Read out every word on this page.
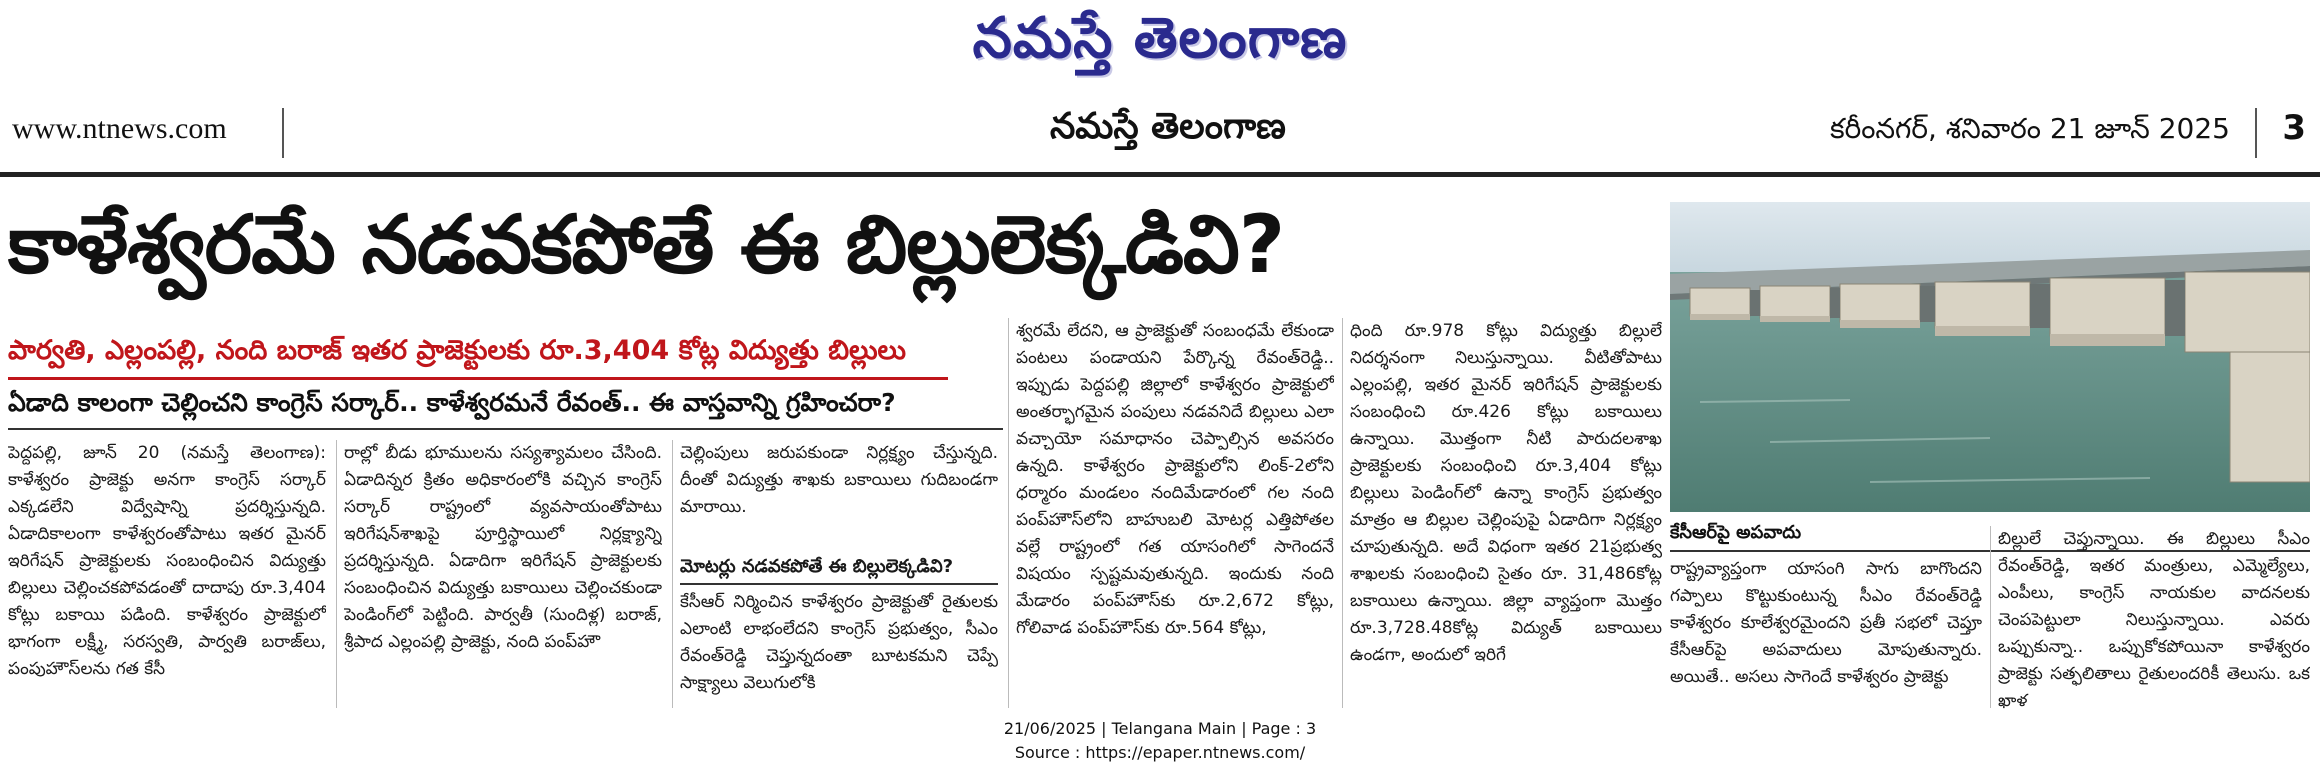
నమస్తే తెలంగాణ
www.ntnews.com	నమస్తే తెలంగాణ	కరీంనగర్, శనివారం 21 జూన్ 2025 3
కాళేశ్వరమే నడవకపోతే ఈ బిల్లులెక్కడివి?
పార్వతి, ఎల్లంపల్లి, నంది బరాజ్ ఇతర ప్రాజెక్టులకు రూ.3,404 కోట్ల విద్యుత్తు బిల్లులు
ఏడాది కాలంగా చెల్లించని కాంగ్రెస్ సర్కార్.. కాళేశ్వరమనే రేవంత్.. ఈ వాస్తవాన్ని గ్రహించరా?

పెద్దపల్లి, జూన్ 20 (నమస్తే తెలంగాణ): కాళేశ్వరం ప్రాజెక్టు అనగా కాంగ్రెస్ సర్కార్ ఎక్కడలేని విద్వేషాన్ని ప్రదర్శిస్తున్నది. ఏడాదికాలంగా కాళేశ్వరంతోపాటు ఇతర మైనర్ ఇరిగేషన్ ప్రాజెక్టులకు సంబంధించిన విద్యుత్తు బిల్లులు చెల్లించకపోవడంతో దాదాపు రూ.3,404 కోట్లు బకాయి పడింది. కాళేశ్వరం ప్రాజెక్టులో భాగంగా లక్ష్మీ, సరస్వతి, పార్వతి బరాజ్‌లు, పంపుహౌస్‌లను గత కేసీ

రాల్లో బీడు భూములను సస్యశ్యామలం చేసింది. ఏడాదిన్నర క్రితం అధికారంలోకి వచ్చిన కాంగ్రెస్ సర్కార్ రాష్ట్రంలో వ్యవసాయంతోపాటు ఇరిగేషన్‌శాఖపై పూర్తిస్థాయిలో నిర్లక్ష్యాన్ని ప్రదర్శిస్తున్నది. ఏడాదిగా ఇరిగేషన్ ప్రాజెక్టులకు సంబంధించిన విద్యుత్తు బకాయిలు చెల్లించకుండా పెండింగ్‌లో పెట్టింది. పార్వతీ (సుందిళ్ల) బరాజ్, శ్రీపాద ఎల్లంపల్లి ప్రాజెక్టు, నంది పంప్‌హౌ

చెల్లింపులు జరుపకుండా నిర్లక్ష్యం చేస్తున్నది. దీంతో విద్యుత్తు శాఖకు బకాయిలు గుదిబండగా మారాయి.

మోటర్లు నడవకపోతే ఈ బిల్లులెక్కడివి?

కేసీఆర్ నిర్మించిన కాళేశ్వరం ప్రాజెక్టుతో రైతులకు ఎలాంటి లాభంలేదని కాంగ్రెస్ ప్రభుత్వం, సీఎం రేవంత్‌రెడ్డి చెప్తున్నదంతా బూటకమని చెప్పే సాక్ష్యాలు వెలుగులోకి

శ్వరమే లేదని, ఆ ప్రాజెక్టుతో సంబంధమే లేకుండా పంటలు పండాయని పేర్కొన్న రేవంత్‌రెడ్డి.. ఇప్పుడు పెద్దపల్లి జిల్లాలో కాళేశ్వరం ప్రాజెక్టులో అంతర్భాగమైన పంపులు నడవనిదే బిల్లులు ఎలా వచ్చాయో సమాధానం చెప్పాల్సిన అవసరం ఉన్నది. కాళేశ్వరం ప్రాజెక్టులోని లింక్-2లోని ధర్మారం మండలం నందిమేడారంలో గల నంది పంప్‌హౌస్‌లోని బాహుబలి మోటర్ల ఎత్తిపోతల వల్లే రాష్ట్రంలో గత యాసంగిలో సాగెందనే విషయం స్పష్టమవుతున్నది. ఇందుకు నంది మేడారం పంప్‌హౌస్‌కు రూ.2,672 కోట్లు, గోలివాడ పంప్‌హౌస్‌కు రూ.564 కోట్లు,

ధింది రూ.978 కోట్లు విద్యుత్తు బిల్లులే నిదర్శనంగా నిలుస్తున్నాయి. వీటితోపాటు ఎల్లంపల్లి, ఇతర మైనర్ ఇరిగేషన్ ప్రాజెక్టులకు సంబంధించి రూ.426 కోట్లు బకాయిలు ఉన్నాయి. మొత్తంగా నీటి పారుదలశాఖ ప్రాజెక్టులకు సంబంధించి రూ.3,404 కోట్లు బిల్లులు పెండింగ్‌లో ఉన్నా కాంగ్రెస్ ప్రభుత్వం మాత్రం ఆ బిల్లుల చెల్లింపుపై ఏడాదిగా నిర్లక్ష్యం చూపుతున్నది. అదే విధంగా ఇతర 21ప్రభుత్వ శాఖలకు సంబంధించి సైతం రూ. 31,486కోట్ల బకాయిలు ఉన్నాయి. జిల్లా వ్యాప్తంగా మొత్తం రూ.3,728.48కోట్ల విద్యుత్ బకాయిలు ఉండగా, అందులో ఇరిగే

కేసీఆర్‌పై అపవాదు

రాష్ట్రవ్యాప్తంగా యాసంగి సాగు బాగొందని గప్పాలు కొట్టుకుంటున్న సీఎం రేవంత్‌రెడ్డి కాళేశ్వరం కూలేశ్వరమైందని ప్రతీ సభలో చెప్తూ కేసీఆర్‌పై అపవాదులు మోపుతున్నారు. అయితే.. అసలు సాగెందే కాళేశ్వరం ప్రాజెక్టు

బిల్లులే చెప్తున్నాయి. ఈ బిల్లులు సీఎం రేవంత్‌రెడ్డి, ఇతర మంత్రులు, ఎమ్మెల్యేలు, ఎంపీలు, కాంగ్రెస్ నాయకుల వాదనలకు చెంపపెట్టులా నిలుస్తున్నాయి. ఎవరు ఒప్పుకున్నా.. ఒప్పుకోకపోయినా కాళేశ్వరం ప్రాజెక్టు సత్ఫలితాలు రైతులందరికీ తెలుసు. ఒక ఖాళ

21/06/2025 | Telangana Main | Page : 3
Source : https://epaper.ntnews.com/
